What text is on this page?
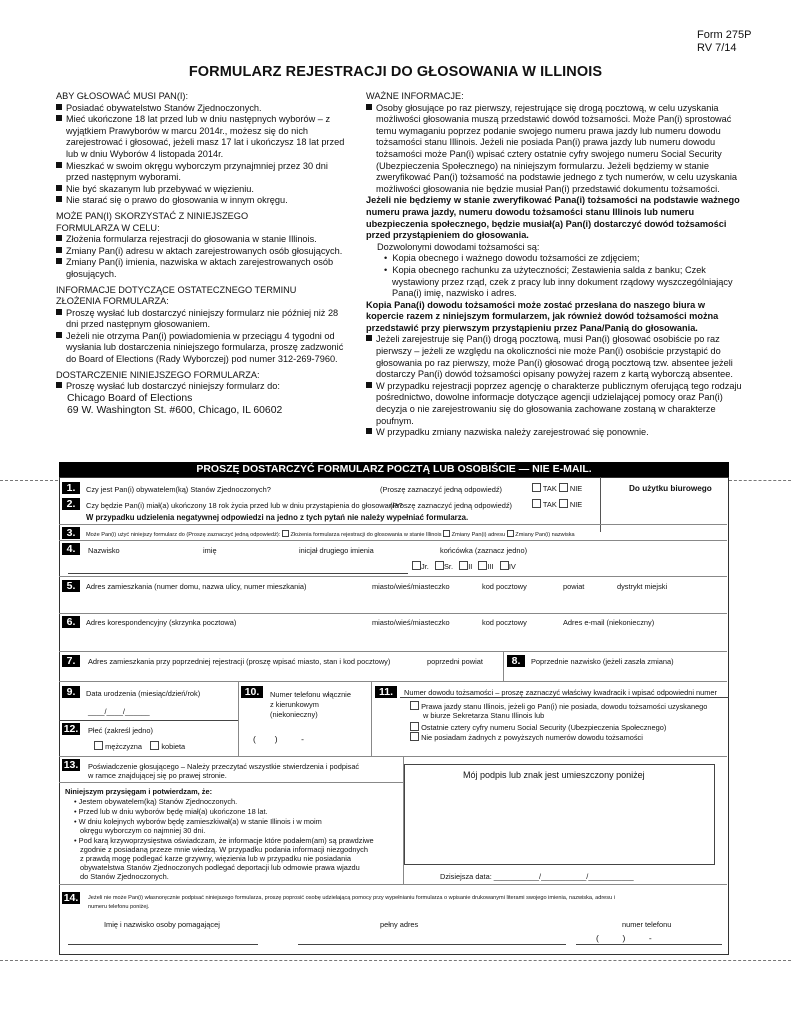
Form 275P
RV 7/14
FORMULARZ REJESTRACJI DO GŁOSOWANIA W ILLINOIS
ABY GŁOSOWAĆ MUSI PAN(I):
Posiadać obywatelstwo Stanów Zjednoczonych.
Mieć ukończone 18 lat przed lub w dniu następnych wyborów – z wyjątkiem Prawyborów w marcu 2014r., możesz się do nich zarejestrować i głosować, jeżeli masz 17 lat i ukończysz 18 lat przed lub w dniu Wyborów 4 listopada 2014r.
Mieszkać w swoim okręgu wyborczym przynajmniej przez 30 dni przed następnym wyborami.
Nie być skazanym lub przebywać w więzieniu.
Nie starać się o prawo do głosowania w innym okręgu.
MOŻE PAN(I) SKORZYSTAĆ Z NINIEJSZEGO
FORMULARZA W CELU:
Złożenia formularza rejestracji do głosowania w stanie Illinois.
Zmiany Pan(i) adresu w aktach zarejestrowanych osób głosujących.
Zmiany Pan(i) imienia, nazwiska w aktach zarejestrowanych osób głosujących.
INFORMACJE DOTYCZĄCE OSTATECZNEGO TERMINU
ZŁOŻENIA FORMULARZA:
Proszę wysłać lub dostarczyć niniejszy formularz nie później niż 28 dni przed następnym głosowaniem.
Jeżeli nie otrzyma Pan(i) powiadomienia w przeciągu 4 tygodni od wysłania lub dostarczenia niniejszego formularza, proszę zadzwonić do Board of Elections (Rady Wyborczej) pod numer 312-269-7960.
DOSTARCZENIE NINIEJSZEGO FORMULARZA:
Proszę wysłać lub dostarczyć niniejszy formularz do:
Chicago Board of Elections
69 W. Washington St. #600, Chicago, IL 60602
WAŻNE INFORMACJE:
Osoby głosujące po raz pierwszy, rejestrujące się drogą pocztową, w celu uzyskania możliwości głosowania muszą przedstawić dowód tożsamości. Może Pan(i) sprostować temu wymaganiu poprzez podanie swojego numeru prawa jazdy lub numeru dowodu tożsamości stanu Illinois. Jeżeli nie posiada Pan(i) prawa jazdy lub numeru dowodu tożsamości może Pan(i) wpisać cztery ostatnie cyfry swojego numeru Social Security (Ubezpieczenia Społecznego) na niniejszym formularzu. Jeżeli będziemy w stanie zweryfikować Pan(i) tożsamość na podstawie jednego z tych numerów, w celu uzyskania możliwości głosowania nie będzie musiał Pan(i) przedstawić dokumentu tożsamości.
Jeżeli nie będziemy w stanie zweryfikować Pana(i) tożsamości na podstawie ważnego numeru prawa jazdy, numeru dowodu tożsamości stanu Illinois lub numeru ubezpieczenia społecznego, będzie musiał(a) Pan(i) dostarczyć dowód tożsamości przed przystąpieniem do głosowania.
Dozwolonymi dowodami tożsamości są:
•  Kopia obecnego i ważnego dowodu tożsamości ze zdjęciem;
•  Kopia obecnego rachunku za użyteczności; Zestawienia salda z banku; Czek wystawiony przez rząd, czek z pracy lub inny dokument rządowy wyszczególniający Pana(i) imię, nazwisko i adres.
Kopia Pana(i) dowodu tożsamości może zostać przesłana do naszego biura w kopercie razem z niniejszym formularzem, jak również dowód tożsamości można przedstawić przy pierwszym przystąpieniu przez Pana/Panią do głosowania.
Jeżeli zarejestruje się Pan(i) drogą pocztową, musi Pan(i) głosować osobiście po raz pierwszy – jeżeli ze względu na okoliczności nie może Pan(i) osobiście przystąpić do głosowania po raz pierwszy, może Pan(i) głosować drogą pocztową tzw. absentee jeżeli dostarczy Pan(i) dowód tożsamości opisany powyżej razem z kartą wyborczą absentee.
W przypadku rejestracji poprzez agencję o charakterze publicznym oferującą tego rodzaju pośrednictwo, dowolne informacje dotyczące agencji udzielającej pomocy oraz Pan(i) decyzja o nie zarejestrowaniu się do głosowania zachowane zostaną w charakterze poufnym.
W przypadku zmiany nazwiska należy zarejestrować się ponownie.
PROSZĘ DOSTARCZYĆ FORMULARZ POCZTĄ LUB OSOBIŚCIE — NIE E-MAIL.
Do użytku biurowego
1.	Czy jest Pan(i) obywatelem(ką) Stanów Zjednoczonych?	(Proszę zaznaczyć jedną odpowiedź)	TAK NIE
2.	Czy będzie Pan(i) miał(a) ukończony 18 rok życia przed lub w dniu przystąpienia do głosowania?
(Proszę zaznaczyć jedną odpowiedź)	TAK NIE
W przypadku udzielenia negatywnej odpowiedzi na jedno z tych pytań nie należy wypełniać formularza.
3.	Może Pan(i) użyć niniejszy formularz do (Proszę zaznaczyć jedną odpowiedź): Złożenia formularza rejestracji do głosowania w stanie Illinois Zmiany Pan(i) adresu Zmiany Pan(i) nazwiska
4.	Nazwisko	imię	inicjał drugiego imienia	końcówka (zaznacz jedno)
Jr. Sr. II III IV
5.	Adres zamieszkania (numer domu, nazwa ulicy, numer mieszkania)	miasto/wieś/miasteczko	kod pocztowy	powiat	dystrykt miejski
6.	Adres korespondencyjny (skrzynka pocztowa)	miasto/wieś/miasteczko	kod pocztowy	Adres e-mail (niekonieczny)
7.	Adres zamieszkania przy poprzedniej rejestracji (proszę wpisać miasto, stan i kod pocztowy)	poprzedni powiat	8.	Poprzednie nazwisko (jeżeli zaszła zmiana)
9.	Data urodzenia (miesiąc/dzień/rok)
____/____/______
12. Płeć (zakreśl jedno)
mężczyzna	kobieta
10.	Numer telefonu włącznie
z kierunkowym
(niekonieczny)
(        )          -
11.	Numer dowodu tożsamości – proszę zaznaczyć właściwy kwadracik i wpisać odpowiedni numer
Prawa jazdy stanu Illinois, jeżeli go Pan(i) nie posiada, dowodu tożsamości uzyskanego
w biurze Sekretarza Stanu Illinois lub
Ostatnie cztery cyfry numeru Social Security (Ubezpieczenia Społecznego)
Nie posiadam żadnych z powyższych numerów dowodu tożsamości
13. Poświadczenie głosującego – Należy przeczytać wszystkie stwierdzenia i podpisać
w ramce znajdującej się po prawej stronie.	Mój podpis lub znak jest umieszczony poniżej
Niniejszym przysięgam i potwierdzam, że:
• Jestem obywatelem(ką) Stanów Zjednoczonych.
• Przed lub w dniu wyborów będę miał(a) ukończone 18 lat.
• W dniu kolejnych wyborów będę zamieszkiwał(a) w stanie Illinois i w moim
okręgu wyborczym co najmniej 30 dni.
• Pod karą krzywoprzysięstwa oświadczam, że informacje które podałem(am) są prawdziwe
zgodnie z posiadaną przeze mnie wiedzą. W przypadku podania informacji niezgodnych
z prawdą mogę podlegać karze grzywny, więzienia lub w przypadku nie posiadania
obywatelstwa Stanów Zjednoczonych podlegać deportacji lub odmowie prawa wjazdu
do Stanów Zjednoczonych.	Dzisiejsza data: ___________/___________/___________
14.	Jeżeli nie może Pan(i) własnoręcznie podpisać niniejszego formularza, proszę poprosić osobę udzielającą pomocy przy wypełnianiu formularza o wpisanie drukowanymi literami swojego imienia, nazwiska, adresu i
numeru telefonu poniżej.
Imię i nazwisko osoby pomagającej	pełny adres	numer telefonu
(          )          -
